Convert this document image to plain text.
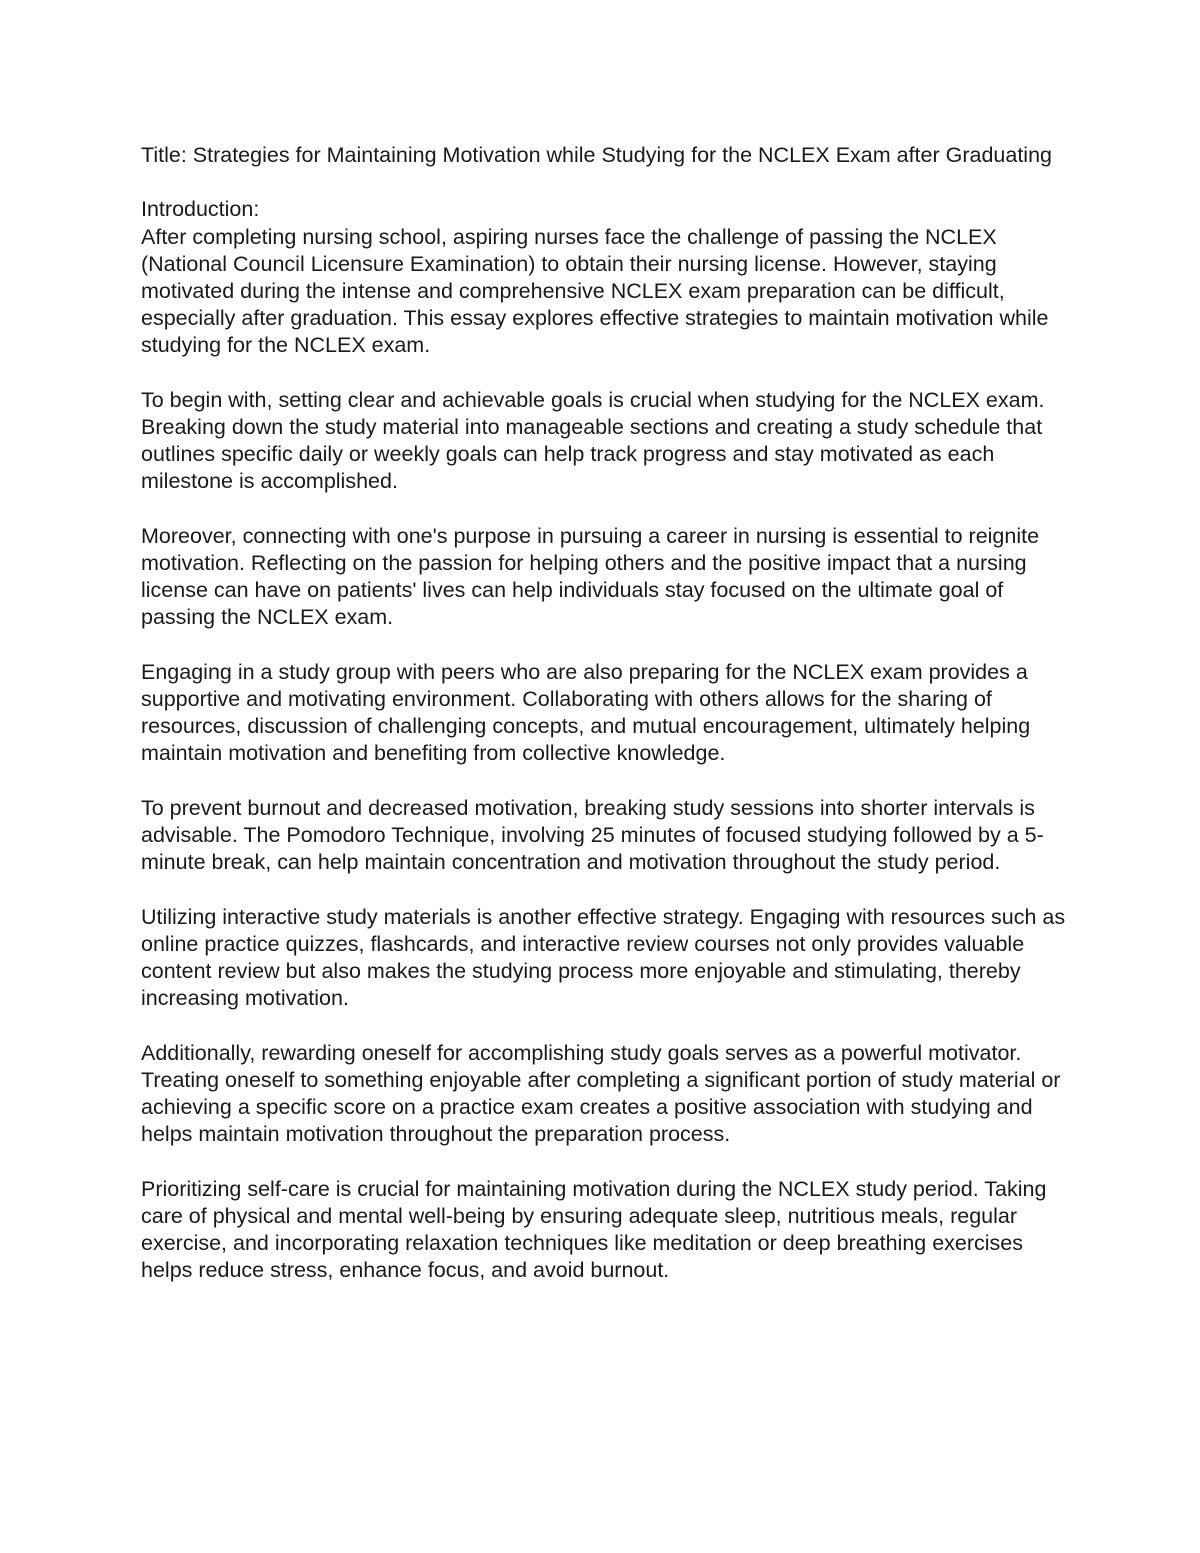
Title: Strategies for Maintaining Motivation while Studying for the NCLEX Exam after Graduating

Introduction:

After completing nursing school, aspiring nurses face the challenge of passing the NCLEX (National Council Licensure Examination) to obtain their nursing license. However, staying motivated during the intense and comprehensive NCLEX exam preparation can be difficult, especially after graduation. This essay explores effective strategies to maintain motivation while studying for the NCLEX exam.

To begin with, setting clear and achievable goals is crucial when studying for the NCLEX exam. Breaking down the study material into manageable sections and creating a study schedule that outlines specific daily or weekly goals can help track progress and stay motivated as each milestone is accomplished.

Moreover, connecting with one's purpose in pursuing a career in nursing is essential to reignite motivation. Reflecting on the passion for helping others and the positive impact that a nursing license can have on patients' lives can help individuals stay focused on the ultimate goal of passing the NCLEX exam.

Engaging in a study group with peers who are also preparing for the NCLEX exam provides a supportive and motivating environment. Collaborating with others allows for the sharing of resources, discussion of challenging concepts, and mutual encouragement, ultimately helping maintain motivation and benefiting from collective knowledge.

To prevent burnout and decreased motivation, breaking study sessions into shorter intervals is advisable. The Pomodoro Technique, involving 25 minutes of focused studying followed by a 5-minute break, can help maintain concentration and motivation throughout the study period.

Utilizing interactive study materials is another effective strategy. Engaging with resources such as online practice quizzes, flashcards, and interactive review courses not only provides valuable content review but also makes the studying process more enjoyable and stimulating, thereby increasing motivation.

Additionally, rewarding oneself for accomplishing study goals serves as a powerful motivator. Treating oneself to something enjoyable after completing a significant portion of study material or achieving a specific score on a practice exam creates a positive association with studying and helps maintain motivation throughout the preparation process.

Prioritizing self-care is crucial for maintaining motivation during the NCLEX study period. Taking care of physical and mental well-being by ensuring adequate sleep, nutritious meals, regular exercise, and incorporating relaxation techniques like meditation or deep breathing exercises helps reduce stress, enhance focus, and avoid burnout.
